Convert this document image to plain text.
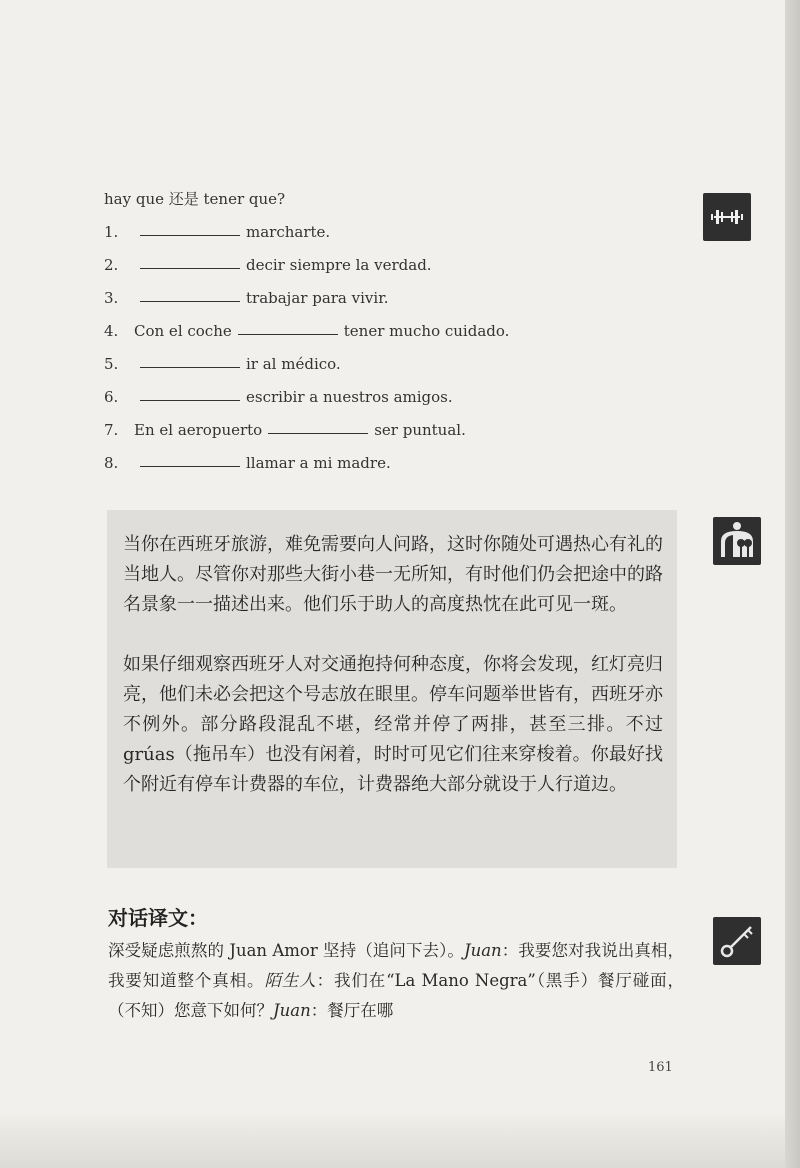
hay que 还是 tener que?
1.	marcharte.
2.	decir siempre la verdad.
3.	trabajar para vivir.
4. Con el coche	tener mucho cuidado.
5.	ir al médico.
6.	escribir a nuestros amigos.
7. En el aeropuerto	ser puntual.
8.	llamar a mi madre.

当你在西班牙旅游，难免需要向人问路，这时你随处可遇热心有礼的当地人。尽管你对那些大街小巷一无所知，有时他们仍会把途中的路名景象一一描述出来。他们乐于助人的高度热忱在此可见一斑。

如果仔细观察西班牙人对交通抱持何种态度，你将会发现，红灯亮归亮，他们未必会把这个号志放在眼里。停车问题举世皆有，西班牙亦不例外。部分路段混乱不堪，经常并停了两排，甚至三排。不过 grúas（拖吊车）也没有闲着，时时可见它们往来穿梭着。你最好找个附近有停车计费器的车位，计费器绝大部分就设于人行道边。

对话译文：
深受疑虑煎熬的 Juan Amor 坚持（追问下去）。Juan：我要您对我说出真相，我要知道整个真相。陌生人：我们在“La Mano Negra”（黑手）餐厅碰面，（不知）您意下如何？Juan：餐厅在哪
161
